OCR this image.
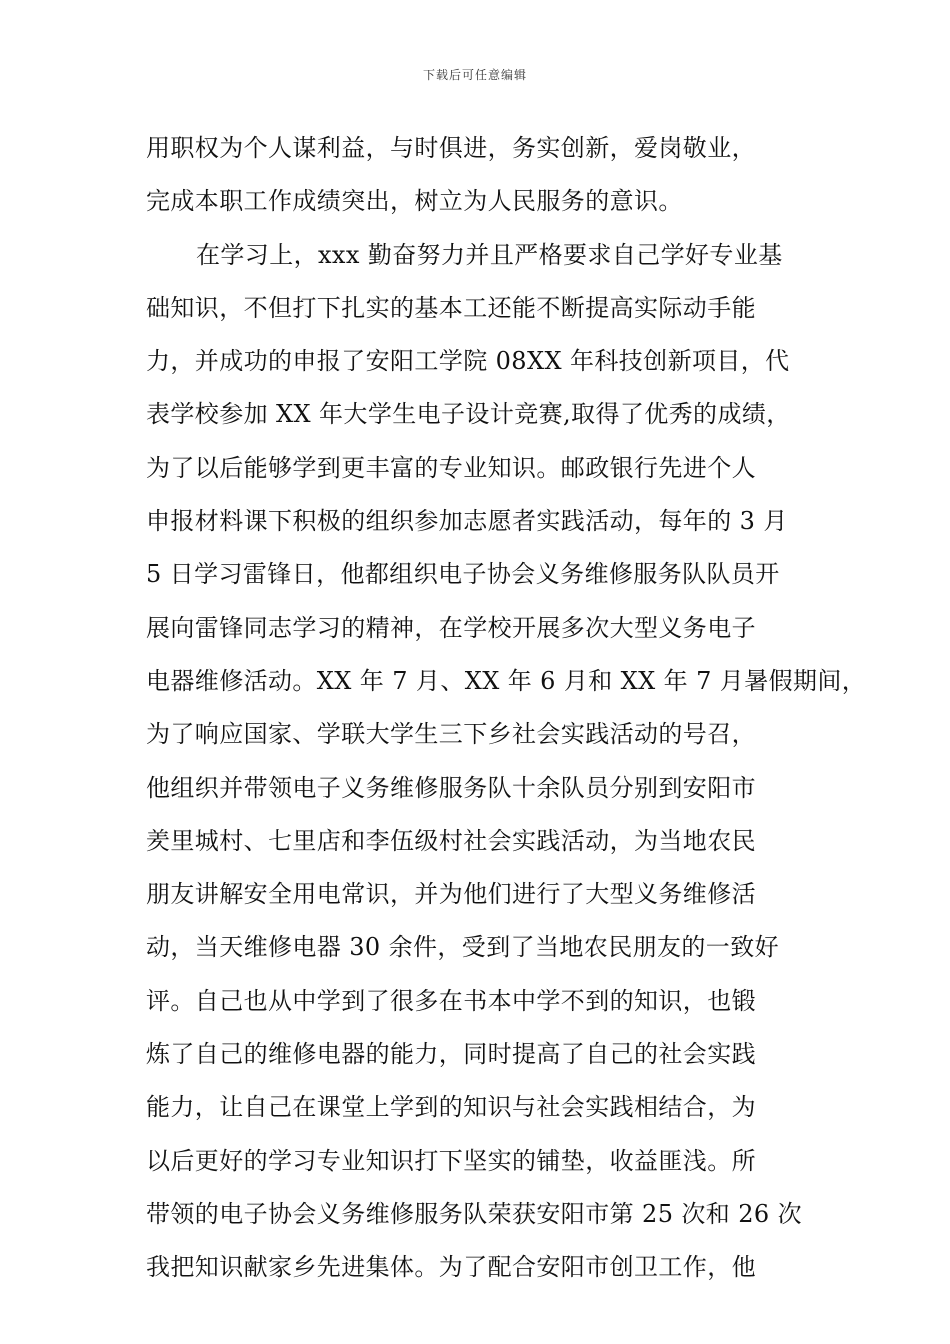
下载后可任意编辑
用职权为个人谋利益，与时俱进，务实创新，爱岗敬业，
完成本职工作成绩突出，树立为人民服务的意识。
在学习上，xxx 勤奋努力并且严格要求自己学好专业基
础知识，不但打下扎实的基本工还能不断提高实际动手能
力，并成功的申报了安阳工学院 08XX 年科技创新项目，代
表学校参加 XX 年大学生电子设计竞赛,取得了优秀的成绩，
为了以后能够学到更丰富的专业知识。邮政银行先进个人
申报材料课下积极的组织参加志愿者实践活动，每年的 3 月
5 日学习雷锋日，他都组织电子协会义务维修服务队队员开
展向雷锋同志学习的精神，在学校开展多次大型义务电子
电器维修活动。XX 年 7 月、XX 年 6 月和 XX 年 7 月暑假期间，
为了响应国家、学联大学生三下乡社会实践活动的号召，
他组织并带领电子义务维修服务队十余队员分别到安阳市
羑里城村、七里店和李伍级村社会实践活动，为当地农民
朋友讲解安全用电常识，并为他们进行了大型义务维修活
动，当天维修电器 30 余件，受到了当地农民朋友的一致好
评。自己也从中学到了很多在书本中学不到的知识，也锻
炼了自己的维修电器的能力，同时提高了自己的社会实践
能力，让自己在课堂上学到的知识与社会实践相结合，为
以后更好的学习专业知识打下坚实的铺垫，收益匪浅。所
带领的电子协会义务维修服务队荣获安阳市第 25 次和 26 次
我把知识献家乡先进集体。为了配合安阳市创卫工作，他
